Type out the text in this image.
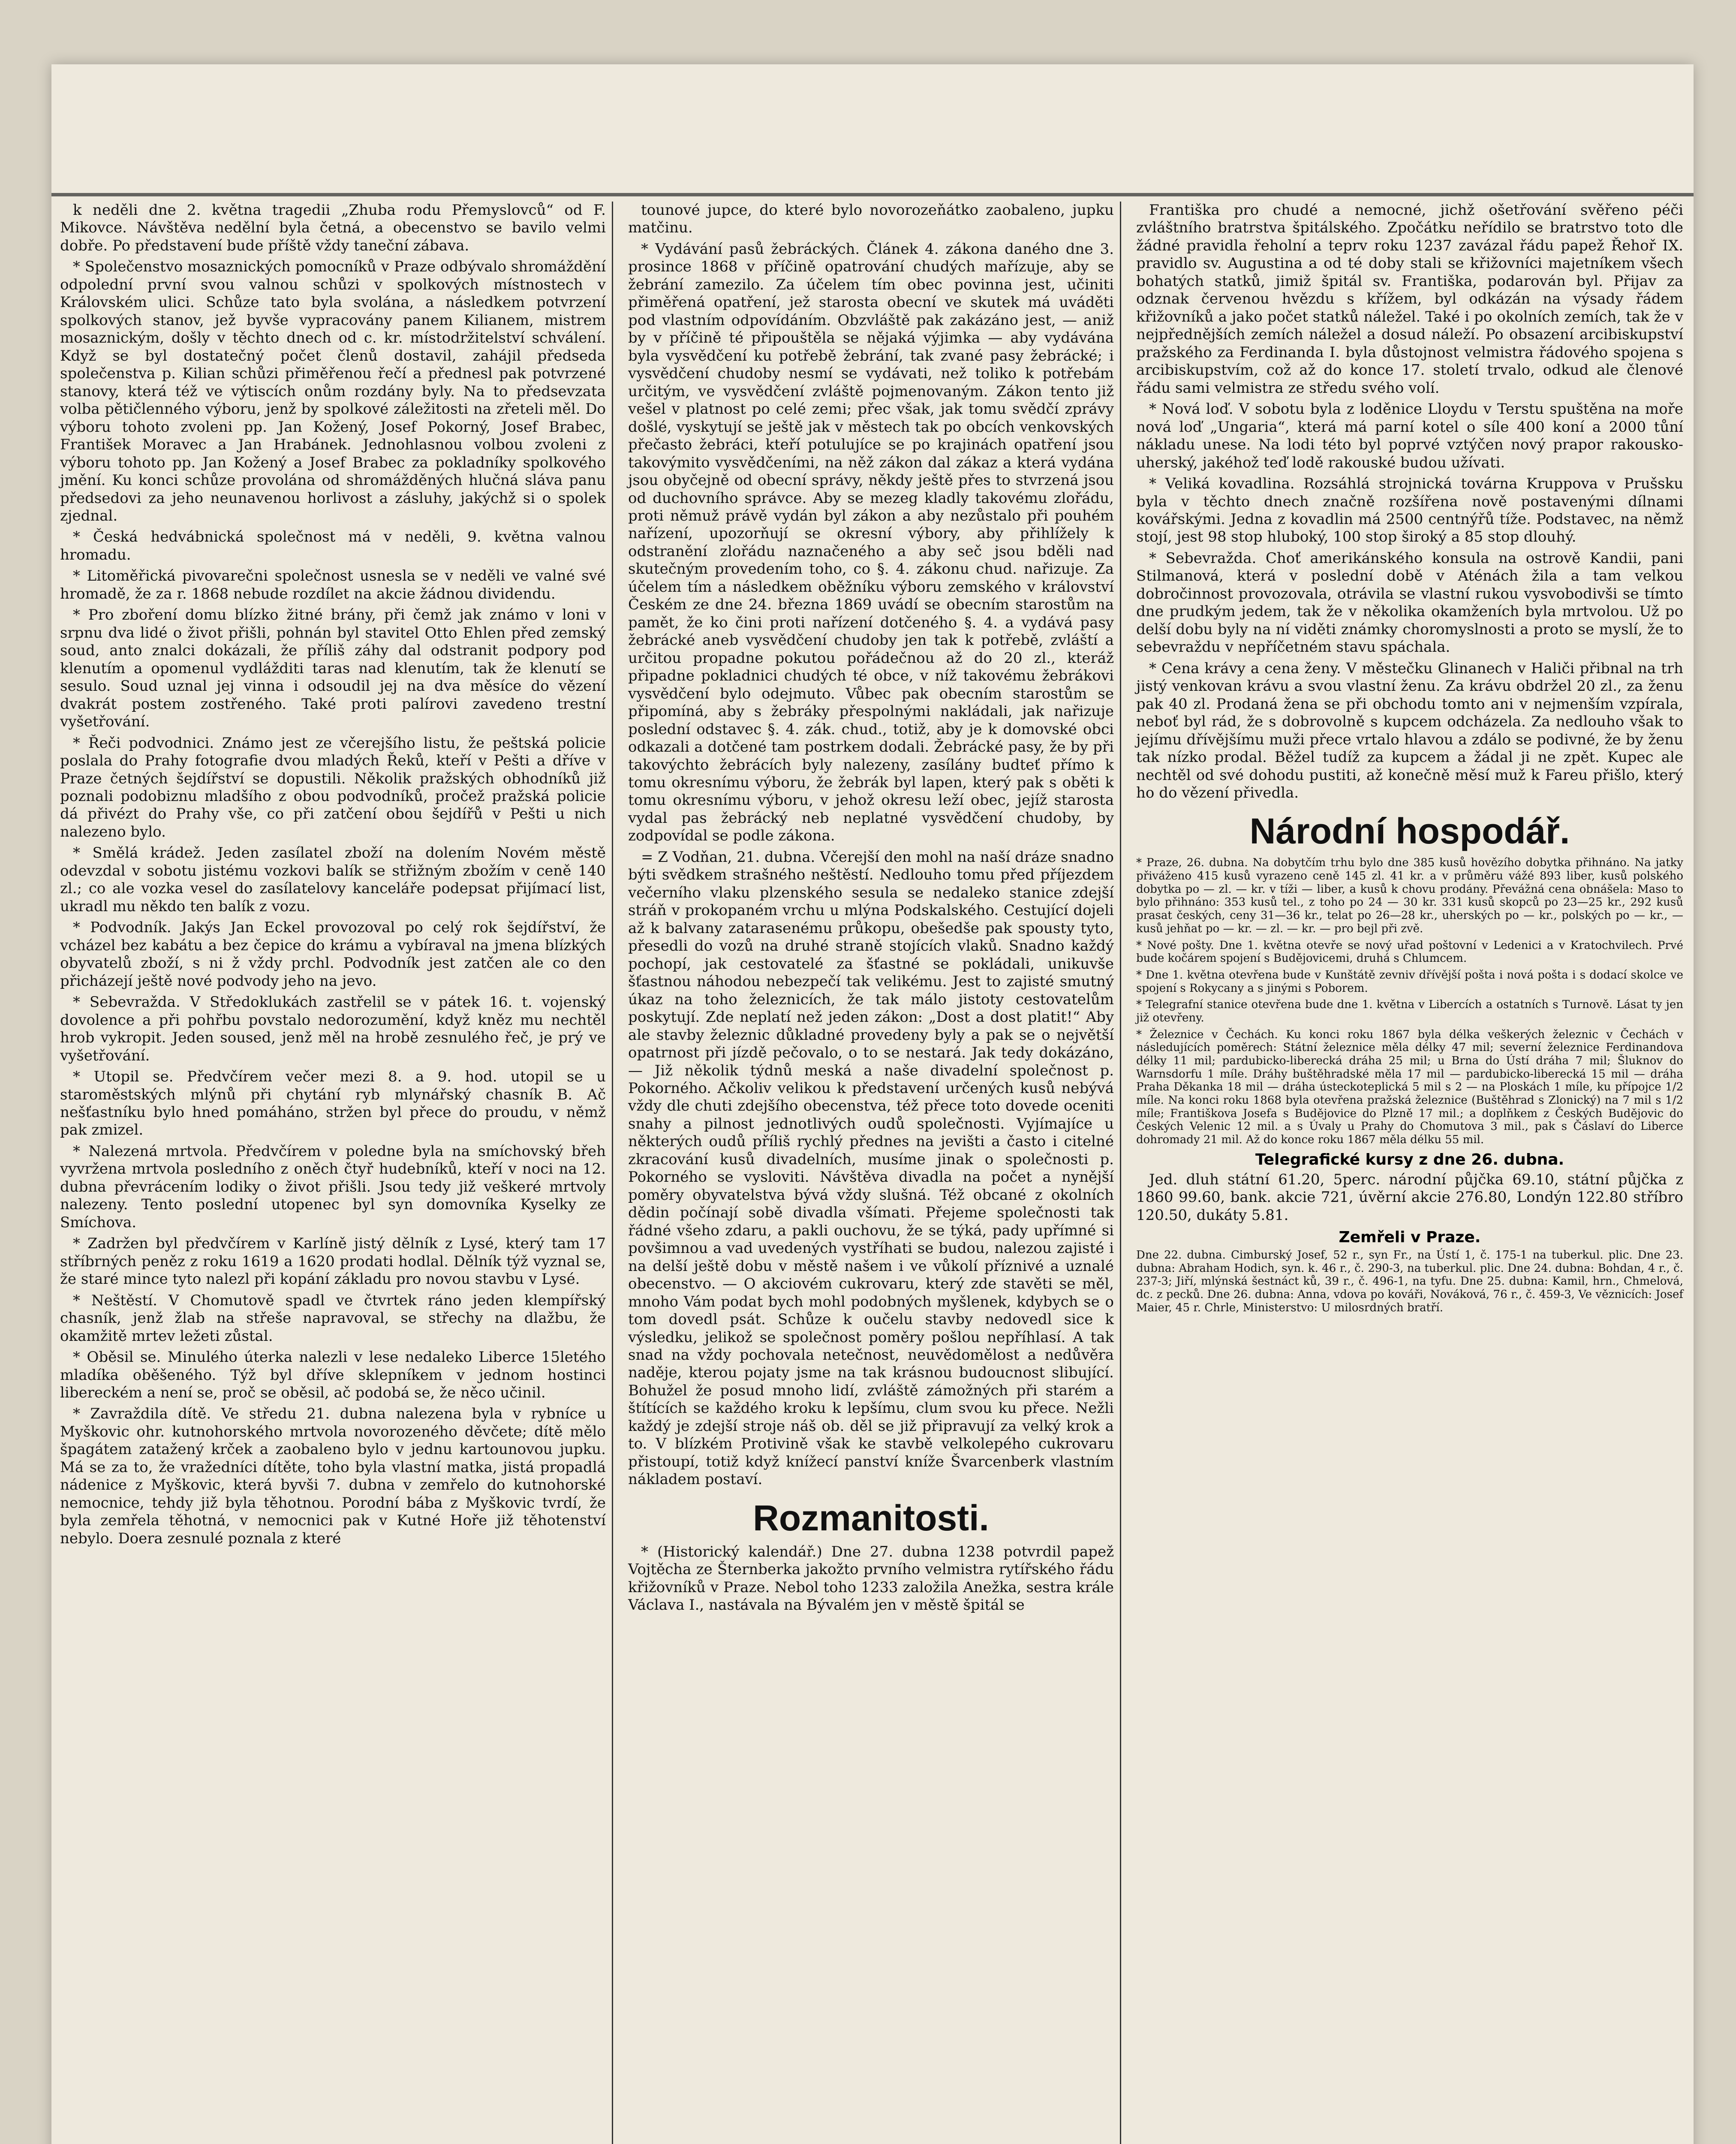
k neděli dne 2. května tragedii „Zhuba rodu Přemyslovců“ od F. Mikovce. Návštěva nedělní byla četná, a obecenstvo se bavilo velmi dobře. Po představení bude příště vždy taneční zábava.

* Společenstvo mosaznických pomocníků v Praze odbývalo shromáždění odpolední první svou valnou schůzi v spolkových místnostech v Královském ulici. Schůze tato byla svolána, a následkem potvrzení spolkových stanov, jež byvše vypracovány panem Kilianem, mistrem mosaznickým, došly v těchto dnech od c. kr. místodržitelství schválení. Když se byl dostatečný počet členů dostavil, zahájil předseda společenstva p. Kilian schůzi přiměřenou řečí a přednesl pak potvrzené stanovy, která též ve výtiscích onům rozdány byly. Na to předsevzata volba pětičlenného výboru, jenž by spolkové záležitosti na zřeteli měl. Do výboru tohoto zvoleni pp. Jan Kožený, Josef Pokorný, Josef Brabec, František Moravec a Jan Hrabánek. Jednohlasnou volbou zvoleni z výboru tohoto pp. Jan Kožený a Josef Brabec za pokladníky spolkového jmění. Ku konci schůze provolána od shromážděných hlučná sláva panu předsedovi za jeho neunavenou horlivost a zásluhy, jakýchž si o spolek zjednal.

* Česká hedvábnická společnost má v neděli, 9. května valnou hromadu.

* Litoměřická pivovarečni společnost usnesla se v neděli ve valné své hromadě, že za r. 1868 nebude rozdílet na akcie žádnou dividendu.

* Pro zboření domu blízko žitné brány, při čemž jak známo v loni v srpnu dva lidé o život přišli, pohnán byl stavitel Otto Ehlen před zemský soud, anto znalci dokázali, že příliš záhy dal odstranit podpory pod klenutím a opomenul vydlážditi taras nad klenutím, tak že klenutí se sesulo. Soud uznal jej vinna i odsoudil jej na dva měsíce do vězení dvakrát postem zostřeného. Také proti palírovi zavedeno trestní vyšetřování.

* Řeči podvodnici. Známo jest ze včerejšího listu, že peštská policie poslala do Prahy fotografie dvou mladých Řeků, kteří v Pešti a dříve v Praze četných šejdířství se dopustili. Několik pražských obhodníků již poznali podobiznu mladšího z obou podvodníků, pročež pražská policie dá přivézt do Prahy vše, co při zatčení obou šejdířů v Pešti u nich nalezeno bylo.

* Smělá krádež. Jeden zasílatel zboží na dolením Novém městě odevzdal v sobotu jistému vozkovi balík se střižným zbožím v ceně 140 zl.; co ale vozka vesel do zasílatelovy kanceláře podepsat přijímací list, ukradl mu někdo ten balík z vozu.

* Podvodník. Jakýs Jan Eckel provozoval po celý rok šejdířství, že vcházel bez kabátu a bez čepice do krámu a vybíraval na jmena blízkých obyvatelů zboží, s ni ž vždy prchl. Podvodník jest zatčen ale co den přicházejí ještě nové podvody jeho na jevo.

* Sebevražda. V Středoklukách zastřelil se v pátek 16. t. vojenský dovolence a při pohřbu povstalo nedorozumění, když kněz mu nechtěl hrob vykropit. Jeden soused, jenž měl na hrobě zesnulého řeč, je prý ve vyšetřování.

* Utopil se. Předvčírem večer mezi 8. a 9. hod. utopil se u staroměstských mlýnů při chytání ryb mlynářský chasník B. Ač nešťastníku bylo hned pomáháno, stržen byl přece do proudu, v němž pak zmizel.

* Nalezená mrtvola. Předvčírem v poledne byla na smíchovský břeh vyvržena mrtvola posledního z oněch čtyř hudebníků, kteří v noci na 12. dubna převrácením lodiky o život přišli. Jsou tedy již veškeré mrtvoly nalezeny. Tento poslední utopenec byl syn domovníka Kyselky ze Smíchova.

* Zadržen byl předvčírem v Karlíně jistý dělník z Lysé, který tam 17 stříbrných peněz z roku 1619 a 1620 prodati hodlal. Dělník týž vyznal se, že staré mince tyto nalezl při kopání základu pro novou stavbu v Lysé.

* Neštěstí. V Chomutově spadl ve čtvrtek ráno jeden klempířský chasník, jenž žlab na střeše napravoval, se střechy na dlažbu, že okamžitě mrtev ležeti zůstal.

* Oběsil se. Minulého úterka nalezli v lese nedaleko Liberce 15letého mladíka oběšeného. Týž byl dříve sklepníkem v jednom hostinci libereckém a není se, proč se oběsil, ač podobá se, že něco učinil.

* Zavraždila dítě. Ve středu 21. dubna nalezena byla v rybníce u Myškovic ohr. kutnohorského mrtvola novorozeného děvčete; dítě mělo špagátem zatažený krček a zaobaleno bylo v jednu kartounovou jupku. Má se za to, že vražedníci dítěte, toho byla vlastní matka, jistá propadlá nádenice z Myškovic, která byvši 7. dubna v zemřelo do kutnohorské nemocnice, tehdy již byla těhotnou. Porodní bába z Myškovic tvrdí, že byla zemřela těhotná, v nemocnici pak v Kutné Hoře již těhotenství nebylo. Doera zesnulé poznala z které

tounové jupce, do které bylo novorozeňátko zaobaleno, jupku matčinu.

* Vydávání pasů žebráckých. Článek 4. zákona daného dne 3. prosince 1868 v příčině opatrování chudých mařízuje, aby se žebrání zamezilo. Za účelem tím obec povinna jest, učiniti přiměřená opatření, jež starosta obecní ve skutek má uváděti pod vlastním odpovídáním. Obzvláště pak zakázáno jest, — aniž by v příčině té připouštěla se nějaká výjimka — aby vydávána byla vysvědčení ku potřebě žebrání, tak zvané pasy žebrácké; i vysvědčení chudoby nesmí se vydávati, než toliko k potřebám určitým, ve vysvědčení zvláště pojmenovaným. Zákon tento již vešel v platnost po celé zemi; přec však, jak tomu svědčí zprávy došlé, vyskytují se ještě jak v městech tak po obcích venkovských přečasto žebráci, kteří potulujíce se po krajinách opatření jsou takovýmito vysvědčeními, na něž zákon dal zákaz a která vydána jsou obyčejně od obecní správy, někdy ještě přes to stvrzená jsou od duchovního správce. Aby se mezeg kladly takovému zlořádu, proti němuž právě vydán byl zákon a aby nezůstalo při pouhém nařízení, upozorňují se okresní výbory, aby přihlížely k odstranění zlořádu naznačeného a aby seč jsou bděli nad skutečným provedením toho, co §. 4. zákonu chud. nařizuje. Za účelem tím a následkem oběžníku výboru zemského v království Českém ze dne 24. března 1869 uvádí se obecním starostům na pamět, že ko čini proti nařízení dotčeného §. 4. a vydává pasy žebrácké aneb vysvědčení chudoby jen tak k potřebě, zvláští a určitou propadne pokutou pořádečnou až do 20 zl., kteráž připadne pokladnici chudých té obce, v níž takovému žebrákovi vysvědčení bylo odejmuto. Vůbec pak obecním starostům se připomíná, aby s žebráky přespolnými nakládali, jak nařizuje poslední odstavec §. 4. zák. chud., totiž, aby je k domovské obci odkazali a dotčené tam postrkem dodali. Žebrácké pasy, že by při takovýchto žebrácích byly nalezeny, zasílány budteť přímo k tomu okresnímu výboru, že žebrák byl lapen, který pak s oběti k tomu okresnímu výboru, v jehož okresu leží obec, jejíž starosta vydal pas žebrácký neb neplatné vysvědčení chudoby, by zodpovídal se podle zákona.

= Z Vodňan, 21. dubna. Včerejší den mohl na naší dráze snadno býti svědkem strašného neštěstí. Nedlouho tomu před příjezdem večerního vlaku plzenského sesula se nedaleko stanice zdejší stráň v prokopaném vrchu u mlýna Podskalského. Cestující dojeli až k balvany zatarasenému průkopu, obešedše pak spousty tyto, přesedli do vozů na druhé straně stojících vlaků. Snadno každý pochopí, jak cestovatelé za šťastné se pokládali, unikuvše šťastnou náhodou nebezpečí tak velikému. Jest to zajisté smutný úkaz na toho železnicích, že tak málo jistoty cestovatelům poskytují. Zde neplatí než jeden zákon: „Dost a dost platit!“ Aby ale stavby železnic důkladné provedeny byly a pak se o největší opatrnost při jízdě pečovalo, o to se nestará. Jak tedy dokázáno, — Již několik týdnů meská a naše divadelní společnost p. Pokorného. Ačkoliv velikou k představení určených kusů nebývá vždy dle chuti zdejšího obecenstva, též přece toto dovede oceniti snahy a pilnost jednotlivých oudů společnosti. Vyjímajíce u některých oudů příliš rychlý přednes na jevišti a často i citelné zkracování kusů divadelních, musíme jinak o společnosti p. Pokorného se vysloviti. Návštěva divadla na počet a nynější poměry obyvatelstva bývá vždy slušná. Též obcané z okolních dědin počínají sobě divadla všímati. Přejeme společnosti tak řádné všeho zdaru, a pakli ouchovu, že se týká, pady upřímné si povšimnou a vad uvedených vystříhati se budou, nalezou zajisté i na delší ještě dobu v městě našem i ve vůkolí příznivé a uznalé obecenstvo. — O akciovém cukrovaru, který zde stavěti se měl, mnoho Vám podat bych mohl podobných myšlenek, kdybych se o tom dovedl psát. Schůze k oučelu stavby nedovedl sice k výsledku, jelikož se společnost poměry pošlou nepříhlasí. A tak snad na vždy pochovala netečnost, neuvědomělost a nedůvěra naděje, kterou pojaty jsme na tak krásnou budoucnost slibující. Bohužel že posud mnoho lidí, zvláště zámožných při starém a štítících se každého kroku k lepšímu, clum svou ku přece. Nežli každý je zdejší stroje náš ob. děl se již připravují za velký krok a to. V blízkém Protivině však ke stavbě velkolepého cukrovaru přistoupí, totiž když knížecí panství kníže Švarcenberk vlastním nákladem postaví.

Rozmanitosti.

* (Historický kalendář.) Dne 27. dubna 1238 potvrdil papež Vojtěcha ze Šternberka jakožto prvního velmistra rytířského řádu křižovníků v Praze. Nebol toho 1233 založila Anežka, sestra krále Václava I., nastávala na Bývalém jen v městě špitál se

Františka pro chudé a nemocné, jichž ošetřování svěřeno péči zvláštního bratrstva špitálského. Zpočátku neřídilo se bratrstvo toto dle žádné pravidla řeholní a teprv roku 1237 zavázal řádu papež Řehoř IX. pravidlo sv. Augustina a od té doby stali se křižovníci majetníkem všech bohatých statků, jimiž špitál sv. Františka, podarován byl. Přijav za odznak červenou hvězdu s křížem, byl odkázán na výsady řádem křižovníků a jako počet statků náležel. Také i po okolních zemích, tak že v nejpřednějších zemích náležel a dosud náleží. Po obsazení arcibiskupství pražského za Ferdinanda I. byla důstojnost velmistra řádového spojena s arcibiskupstvím, což až do konce 17. století trvalo, odkud ale členové řádu sami velmistra ze středu svého volí.

* Nová loď. V sobotu byla z loděnice Lloydu v Terstu spuštěna na moře nová loď „Ungaria“, která má parní kotel o síle 400 koní a 2000 tůní nákladu unese. Na lodi této byl poprvé vztýčen nový prapor rakousko-uherský, jakéhož teď lodě rakouské budou užívati.

* Veliká kovadlina. Rozsáhlá strojnická továrna Kruppova v Prušsku byla v těchto dnech značně rozšířena nově postavenými dílnami kovářskými. Jedna z kovadlin má 2500 centnýřů tíže. Podstavec, na němž stojí, jest 98 stop hluboký, 100 stop široký a 85 stop dlouhý.

* Sebevražda. Choť amerikánského konsula na ostrově Kandii, pani Stilmanová, která v poslední době v Aténách žila a tam velkou dobročinnost provozovala, otrávila se vlastní rukou vysvobodivši se tímto dne prudkým jedem, tak že v několika okamženích byla mrtvolou. Už po delší dobu byly na ní viděti známky choromyslnosti a proto se myslí, že to sebevraždu v nepříčetném stavu spáchala.

* Cena krávy a cena ženy. V městečku Glinanech v Haliči přibnal na trh jistý venkovan krávu a svou vlastní ženu. Za krávu obdržel 20 zl., za ženu pak 40 zl. Prodaná žena se při obchodu tomto ani v nejmenším vzpírala, neboť byl rád, že s dobrovolně s kupcem odcházela. Za nedlouho však to jejímu dřívějšímu muži přece vrtalo hlavou a zdálo se podivné, že by ženu tak nízko prodal. Běžel tudíž za kupcem a žádal ji ne zpět. Kupec ale nechtěl od své dohodu pustiti, až konečně měsí muž k Fareu přišlo, který ho do vězení přivedla.

Národní hospodář.

* Praze, 26. dubna. Na dobytčím trhu bylo dne 385 kusů hovězího dobytka přihnáno. Na jatky přiváženo 415 kusů vyrazeno ceně 145 zl. 41 kr. a v průměru vážé 893 liber, kusů polského dobytka po — zl. — kr. v tíži — liber, a kusů k chovu prodány. Převážná cena obnášela: Maso to bylo přihnáno: 353 kusů tel., z toho po 24 — 30 kr. 331 kusů skopců po 23—25 kr., 292 kusů prasat českých, ceny 31—36 kr., telat po 26—28 kr., uherských po — kr., polských po — kr., — kusů jehňat po — kr. — zl. — kr. — pro bejl při zvě.

* Nové pošty. Dne 1. května otevře se nový uřad poštovní v Ledenici a v Kratochvilech. Prvé bude kočárem spojení s Budějovicemi, druhá s Chlumcem.

* Dne 1. května otevřena bude v Kunštátě zevniv dřívější pošta i nová pošta i s dodací skolce ve spojení s Rokycany a s jinými s Poborem.

* Telegrafní stanice otevřena bude dne 1. května v Libercích a ostatních s Turnově. Lásat ty jen již otevřeny.

* Železnice v Čechách. Ku konci roku 1867 byla délka veškerých železnic v Čechách v následujících poměrech: Státní železnice měla délky 47 mil; severní železnice Ferdinandova délky 11 mil; pardubicko-liberecká dráha 25 mil; u Brna do Ústí dráha 7 mil; Šluknov do Warnsdorfu 1 míle. Dráhy buštěhradské měla 17 mil — pardubicko-liberecká 15 mil — dráha Praha Děkanka 18 mil — dráha ústeckoteplická 5 mil s 2 — na Ploskách 1 míle, ku přípojce 1/2 míle. Na konci roku 1868 byla otevřena pražská železnice (Buštěhrad s Zlonický) na 7 mil s 1/2 míle; Františkova Josefa s Budějovice do Plzně 17 mil.; a doplňkem z Českých Budějovic do Českých Velenic 12 mil. a s Úvaly u Prahy do Chomutova 3 mil., pak s Čáslaví do Liberce dohromady 21 mil. Až do konce roku 1867 měla délku 55 mil.

Telegrafické kursy z dne 26. dubna.

Jed. dluh státní 61.20, 5perc. národní půjčka 69.10, státní půjčka z 1860 99.60, bank. akcie 721, úvěrní akcie 276.80, Londýn 122.80 stříbro 120.50, dukáty 5.81.

Zemřeli v Praze.

Dne 22. dubna. Cimburský Josef, 52 r., syn Fr., na Ústí 1, č. 175-1 na tuberkul. plic. Dne 23. dubna: Abraham Hodich, syn. k. 46 r., č. 290-3, na tuberkul. plic. Dne 24. dubna: Bohdan, 4 r., č. 237-3; Jiří, mlýnská šestnáct ků, 39 r., č. 496-1, na tyfu. Dne 25. dubna: Kamil, hrn., Chmelová, dc. z pecků. Dne 26. dubna: Anna, vdova po kováři, Nováková, 76 r., č. 459-3, Ve věznicích: Josef Maier, 45 r. Chrle, Ministerstvo: U milosrdných bratří.
